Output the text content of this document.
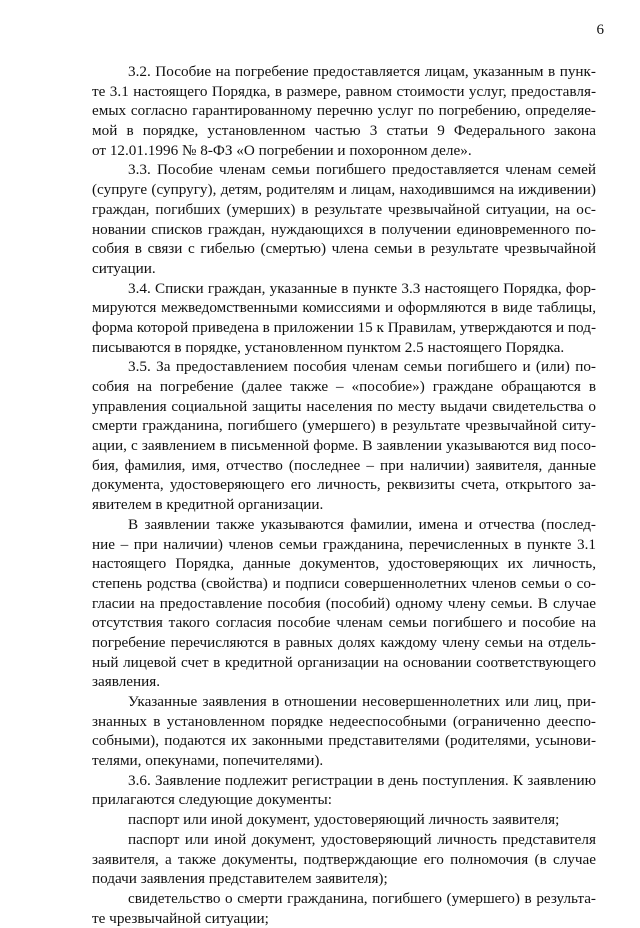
6
3.2. Пособие на погребение предоставляется лицам, указанным в пунк-
те 3.1 настоящего Порядка, в размере, равном стоимости услуг, предоставля-
емых согласно гарантированному перечню услуг по погребению, определяе-
мой в порядке, установленном частью 3 статьи 9 Федерального закона
от 12.01.1996 № 8-ФЗ «О погребении и похоронном деле».
3.3. Пособие членам семьи погибшего предоставляется членам семей
(супруге (супругу), детям, родителям и лицам, находившимся на иждивении)
граждан, погибших (умерших) в результате чрезвычайной ситуации, на ос-
новании списков граждан, нуждающихся в получении единовременного по-
собия в связи с гибелью (смертью) члена семьи в результате чрезвычайной
ситуации.
3.4. Списки граждан, указанные в пункте 3.3 настоящего Порядка, фор-
мируются межведомственными комиссиями и оформляются в виде таблицы,
форма которой приведена в приложении 15 к Правилам, утверждаются и под-
писываются в порядке, установленном пунктом 2.5 настоящего Порядка.
3.5. За предоставлением пособия членам семьи погибшего и (или) по-
собия на погребение (далее также – «пособие») граждане обращаются в
управления социальной защиты населения по месту выдачи свидетельства о
смерти гражданина, погибшего (умершего) в результате чрезвычайной ситу-
ации, с заявлением в письменной форме. В заявлении указываются вид посо-
бия, фамилия, имя, отчество (последнее – при наличии) заявителя, данные
документа, удостоверяющего его личность, реквизиты счета, открытого за-
явителем в кредитной организации.
В заявлении также указываются фамилии, имена и отчества (послед-
ние – при наличии) членов семьи гражданина, перечисленных в пункте 3.1
настоящего Порядка, данные документов, удостоверяющих их личность,
степень родства (свойства) и подписи совершеннолетних членов семьи о со-
гласии на предоставление пособия (пособий) одному члену семьи. В случае
отсутствия такого согласия пособие членам семьи погибшего и пособие на
погребение перечисляются в равных долях каждому члену семьи на отдель-
ный лицевой счет в кредитной организации на основании соответствующего
заявления.
Указанные заявления в отношении несовершеннолетних или лиц, при-
знанных в установленном порядке недееспособными (ограниченно дееспо-
собными), подаются их законными представителями (родителями, усынови-
телями, опекунами, попечителями).
3.6. Заявление подлежит регистрации в день поступления. К заявлению
прилагаются следующие документы:
паспорт или иной документ, удостоверяющий личность заявителя;
паспорт или иной документ, удостоверяющий личность представителя
заявителя, а также документы, подтверждающие его полномочия (в случае
подачи заявления представителем заявителя);
свидетельство о смерти гражданина, погибшего (умершего) в результа-
те чрезвычайной ситуации;
